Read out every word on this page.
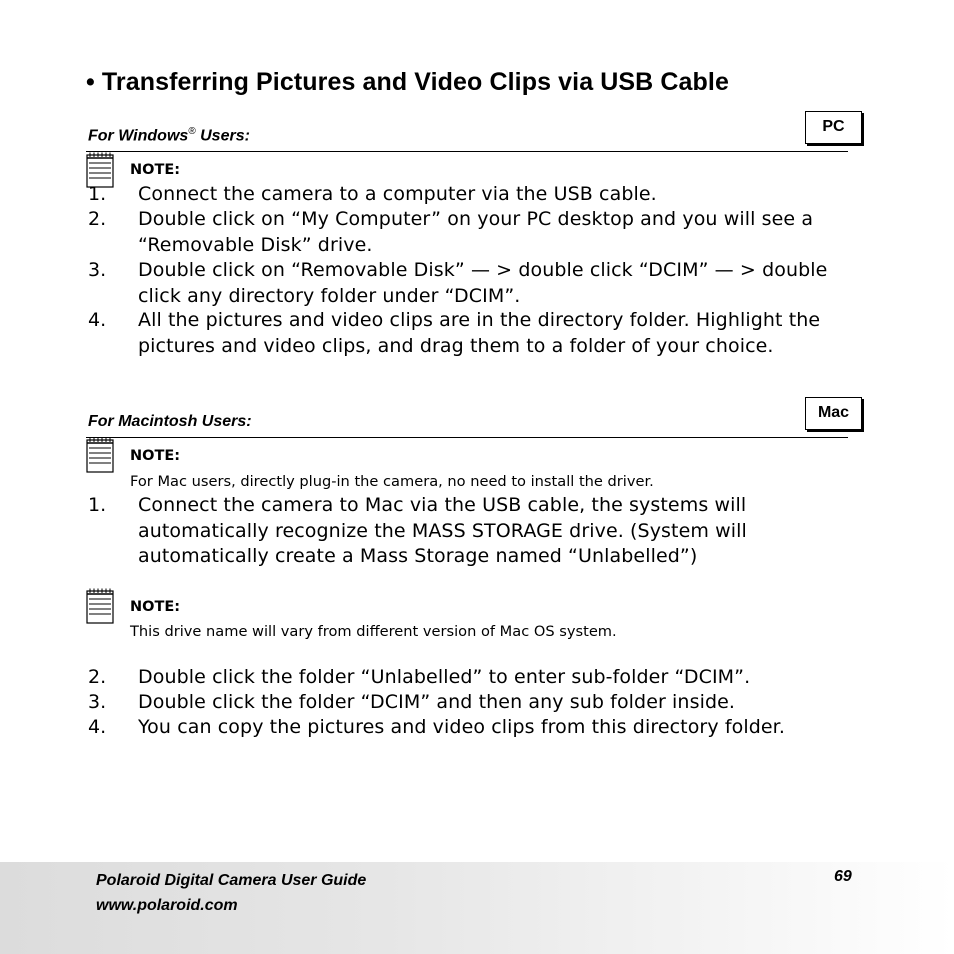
• Transferring Pictures and Video Clips via USB Cable
For Windows® Users:
PC
NOTE:
1. Connect the camera to a computer via the USB cable.
2. Double click on “My Computer” on your PC desktop and you will see a “Removable Disk” drive.
3. Double click on “Removable Disk” — > double click “DCIM” — > double click any directory folder under “DCIM”.
4. All the pictures and video clips are in the directory folder. Highlight the pictures and video clips, and drag them to a folder of your choice.
For Macintosh Users:
Mac
NOTE:
For Mac users, directly plug-in the camera, no need to install the driver.
1. Connect the camera to Mac via the USB cable, the systems will automatically recognize the MASS STORAGE drive. (System will automatically create a Mass Storage named “Unlabelled”)
NOTE:
This drive name will vary from different version of Mac OS system.
2. Double click the folder “Unlabelled” to enter sub-folder “DCIM”.
3. Double click the folder “DCIM” and then any sub folder inside.
4. You can copy the pictures and video clips from this directory folder.
Polaroid Digital Camera User Guide
www.polaroid.com
69
